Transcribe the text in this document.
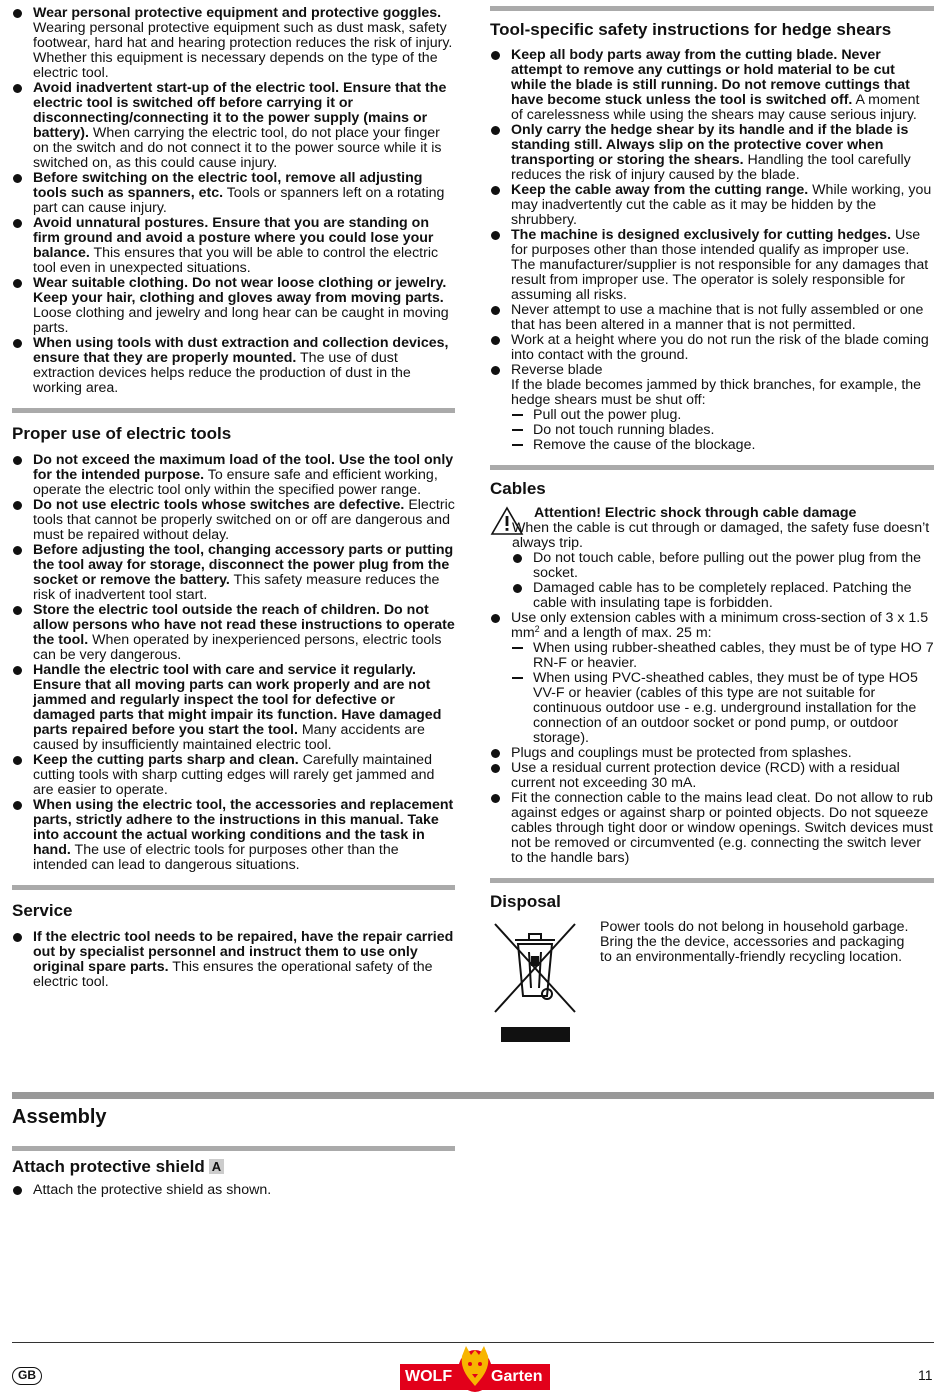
Wear personal protective equipment and protective goggles. Wearing personal protective equipment such as dust mask, safety footwear, hard hat and hearing protection reduces the risk of injury. Whether this equipment is necessary depends on the type of the electric tool.
Avoid inadvertent start-up of the electric tool. Ensure that the electric tool is switched off before carrying it or disconnecting/connecting it to the power supply (mains or battery). When carrying the electric tool, do not place your finger on the switch and do not connect it to the power source while it is switched on, as this could cause injury.
Before switching on the electric tool, remove all adjusting tools such as spanners, etc. Tools or spanners left on a rotating part can cause injury.
Avoid unnatural postures. Ensure that you are standing on firm ground and avoid a posture where you could lose your balance. This ensures that you will be able to control the electric tool even in unexpected situations.
Wear suitable clothing. Do not wear loose clothing or jewelry. Keep your hair, clothing and gloves away from moving parts. Loose clothing and jewelry and long hear can be caught in moving parts.
When using tools with dust extraction and collection devices, ensure that they are properly mounted. The use of dust extraction devices helps reduce the production of dust in the working area.
Proper use of electric tools
Do not exceed the maximum load of the tool. Use the tool only for the intended purpose. To ensure safe and efficient working, operate the electric tool only within the specified power range.
Do not use electric tools whose switches are defective. Electric tools that cannot be properly switched on or off are dangerous and must be repaired without delay.
Before adjusting the tool, changing accessory parts or putting the tool away for storage, disconnect the power plug from the socket or remove the battery. This safety measure reduces the risk of inadvertent tool start.
Store the electric tool outside the reach of children. Do not allow persons who have not read these instructions to operate the tool. When operated by inexperienced persons, electric tools can be very dangerous.
Handle the electric tool with care and service it regularly. Ensure that all moving parts can work properly and are not jammed and regularly inspect the tool for defective or damaged parts that might impair its function. Have damaged parts repaired before you start the tool. Many accidents are caused by insufficiently maintained electric tool.
Keep the cutting parts sharp and clean. Carefully maintained cutting tools with sharp cutting edges will rarely get jammed and are easier to operate.
When using the electric tool, the accessories and replacement parts, strictly adhere to the instructions in this manual. Take into account the actual working conditions and the task in hand. The use of electric tools for purposes other than the intended can lead to dangerous situations.
Service
If the electric tool needs to be repaired, have the repair carried out by specialist personnel and instruct them to use only original spare parts. This ensures the operational safety of the electric tool.
Tool-specific safety instructions for hedge shears
Keep all body parts away from the cutting blade. Never attempt to remove any cuttings or hold material to be cut while the blade is still running. Do not remove cuttings that have become stuck unless the tool is switched off. A moment of carelessness while using the shears may cause serious injury.
Only carry the hedge shear by its handle and if the blade is standing still. Always slip on the protective cover when transporting or storing the shears. Handling the tool carefully reduces the risk of injury caused by the blade.
Keep the cable away from the cutting range. While working, you may inadvertently cut the cable as it may be hidden by the shrubbery.
The machine is designed exclusively for cutting hedges. Use for purposes other than those intended qualify as improper use. The manufacturer/supplier is not responsible for any damages that result from improper use. The operator is solely responsible for assuming all risks.
Never attempt to use a machine that is not fully assembled or one that has been altered in a manner that is not permitted.
Work at a height where you do not run the risk of the blade coming into contact with the ground.
Reverse blade
If the blade becomes jammed by thick branches, for example, the hedge shears must be shut off:
Pull out the power plug.
Do not touch running blades.
Remove the cause of the blockage.
Cables
Attention! Electric shock through cable damage
When the cable is cut through or damaged, the safety fuse doesn’t always trip.
Do not touch cable, before pulling out the power plug from the socket.
Damaged cable has to be completely replaced. Patching the cable with insulating tape is forbidden.
Use only extension cables with a minimum cross-section of 3 x 1.5 $mm^2$ and a length of max. 25 m:
When using rubber-sheathed cables, they must be of type HO 7 RN-F or heavier.
When using PVC-sheathed cables, they must be of type HO5 VV-F or heavier (cables of this type are not suitable for continuous outdoor use - e.g. underground installation for the connection of an outdoor socket or pond pump, or outdoor storage).
Plugs and couplings must be protected from splashes.
Use a residual current protection device (RCD) with a residual current not exceeding 30 mA.
Fit the connection cable to the mains lead cleat. Do not allow to rub against edges or against sharp or pointed objects. Do not squeeze cables through tight door or window openings. Switch devices must not be removed or circumvented (e.g. connecting the switch lever to the handle bars)
Disposal
Power tools do not belong in household garbage. Bring the the device, accessories and packaging to an environmentally-friendly recycling location.
Assembly
Attach protective shield A
Attach the protective shield as shown.
GB	WOLF Garten	11
